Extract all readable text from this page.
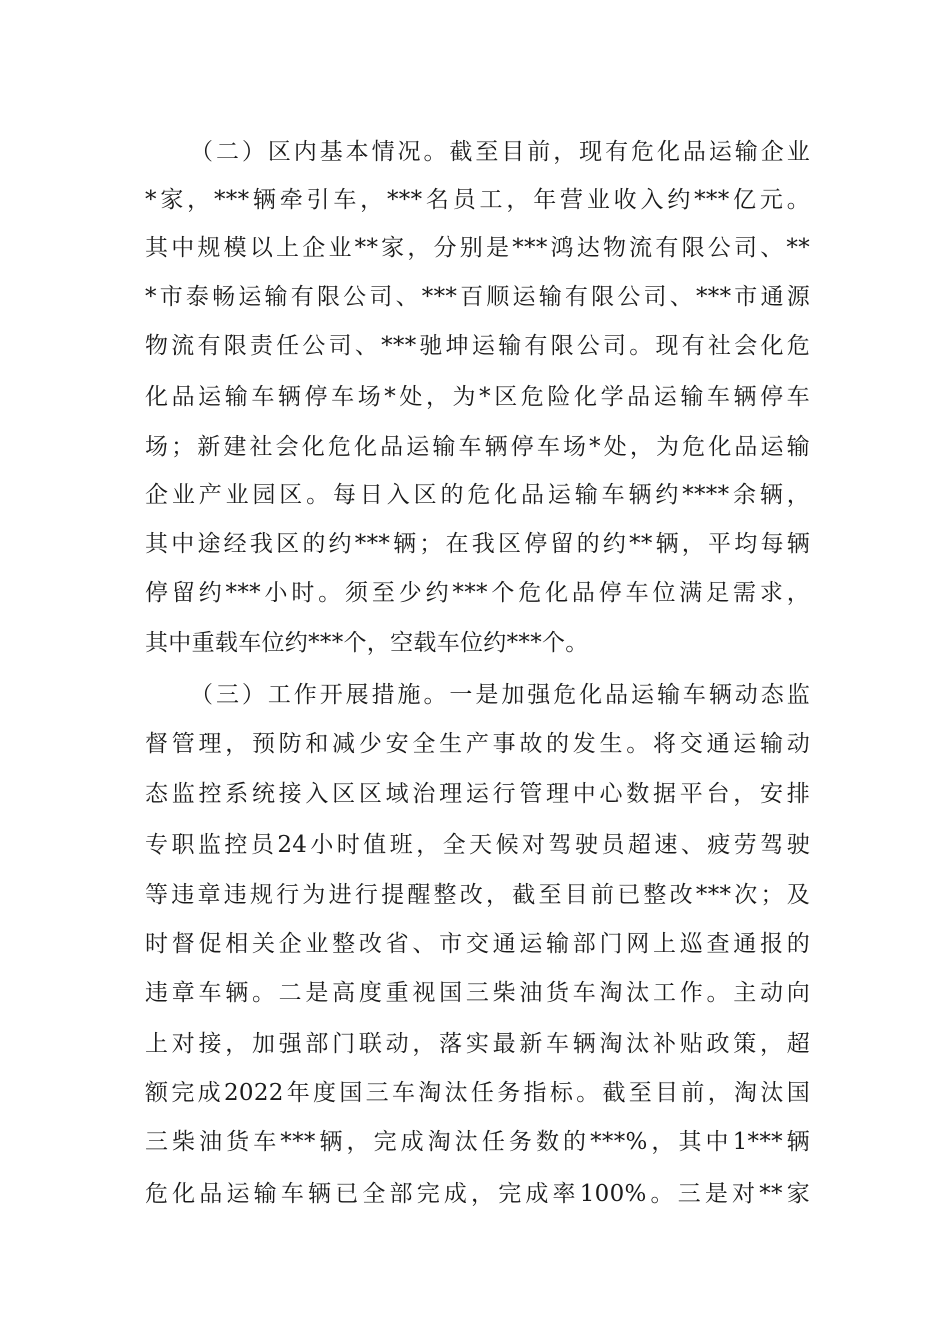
（二）区内基本情况。截至目前，现有危化品运输企业

*家，***辆牵引车，***名员工，年营业收入约***亿元。

其中规模以上企业**家，分别是***鸿达物流有限公司、**

*市泰畅运输有限公司、***百顺运输有限公司、***市通源

物流有限责任公司、***驰坤运输有限公司。现有社会化危

化品运输车辆停车场*处，为*区危险化学品运输车辆停车

场；新建社会化危化品运输车辆停车场*处，为危化品运输

企业产业园区。每日入区的危化品运输车辆约****余辆，

其中途经我区的约***辆；在我区停留的约**辆，平均每辆

停留约***小时。须至少约***个危化品停车位满足需求，

其中重载车位约***个，空载车位约***个。

（三）工作开展措施。一是加强危化品运输车辆动态监

督管理，预防和减少安全生产事故的发生。将交通运输动

态监控系统接入区区域治理运行管理中心数据平台，安排

专职监控员24小时值班，全天候对驾驶员超速、疲劳驾驶

等违章违规行为进行提醒整改，截至目前已整改***次；及

时督促相关企业整改省、市交通运输部门网上巡查通报的

违章车辆。二是高度重视国三柴油货车淘汰工作。主动向

上对接，加强部门联动，落实最新车辆淘汰补贴政策，超

额完成2022年度国三车淘汰任务指标。截至目前，淘汰国

三柴油货车***辆，完成淘汰任务数的***%，其中1***辆

危化品运输车辆已全部完成，完成率100%。三是对**家
